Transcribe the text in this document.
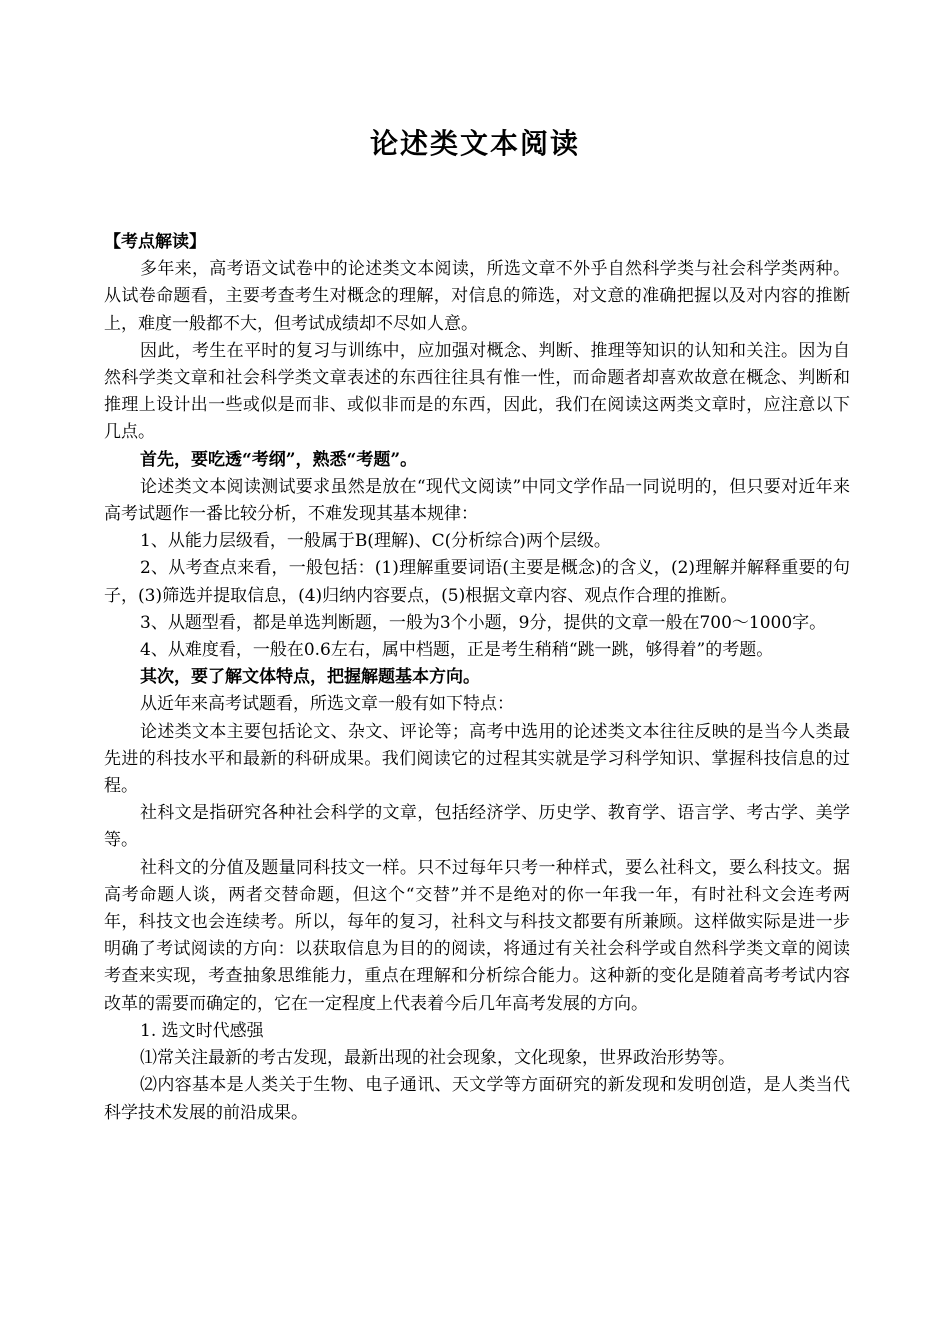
论述类文本阅读

【考点解读】

多年来，高考语文试卷中的论述类文本阅读，所选文章不外乎自然科学类与社会科学类两种。从试卷命题看，主要考查考生对概念的理解，对信息的筛选，对文意的准确把握以及对内容的推断上，难度一般都不大，但考试成绩却不尽如人意。

因此，考生在平时的复习与训练中，应加强对概念、判断、推理等知识的认知和关注。因为自然科学类文章和社会科学类文章表述的东西往往具有惟一性，而命题者却喜欢故意在概念、判断和推理上设计出一些或似是而非、或似非而是的东西，因此，我们在阅读这两类文章时，应注意以下几点。

首先，要吃透“考纲”，熟悉“考题”。

论述类文本阅读测试要求虽然是放在“现代文阅读”中同文学作品一同说明的，但只要对近年来高考试题作一番比较分析，不难发现其基本规律：

1、从能力层级看，一般属于B(理解)、C(分析综合)两个层级。

2、从考查点来看，一般包括：(1)理解重要词语(主要是概念)的含义，(2)理解并解释重要的句子，(3)筛选并提取信息，(4)归纳内容要点，(5)根据文章内容、观点作合理的推断。

3、从题型看，都是单选判断题，一般为3个小题，9分，提供的文章一般在700～1000字。

4、从难度看，一般在0.6左右，属中档题，正是考生稍稍“跳一跳，够得着”的考题。

其次，要了解文体特点，把握解题基本方向。

从近年来高考试题看，所选文章一般有如下特点：

论述类文本主要包括论文、杂文、评论等；高考中选用的论述类文本往往反映的是当今人类最先进的科技水平和最新的科研成果。我们阅读它的过程其实就是学习科学知识、掌握科技信息的过程。

社科文是指研究各种社会科学的文章，包括经济学、历史学、教育学、语言学、考古学、美学等。

社科文的分值及题量同科技文一样。只不过每年只考一种样式，要么社科文，要么科技文。据高考命题人谈，两者交替命题，但这个“交替”并不是绝对的你一年我一年，有时社科文会连考两年，科技文也会连续考。所以，每年的复习，社科文与科技文都要有所兼顾。这样做实际是进一步明确了考试阅读的方向：以获取信息为目的的阅读，将通过有关社会科学或自然科学类文章的阅读考查来实现，考查抽象思维能力，重点在理解和分析综合能力。这种新的变化是随着高考考试内容改革的需要而确定的，它在一定程度上代表着今后几年高考发展的方向。

1. 选文时代感强

⑴常关注最新的考古发现，最新出现的社会现象，文化现象，世界政治形势等。

⑵内容基本是人类关于生物、电子通讯、天文学等方面研究的新发现和发明创造，是人类当代科学技术发展的前沿成果。
